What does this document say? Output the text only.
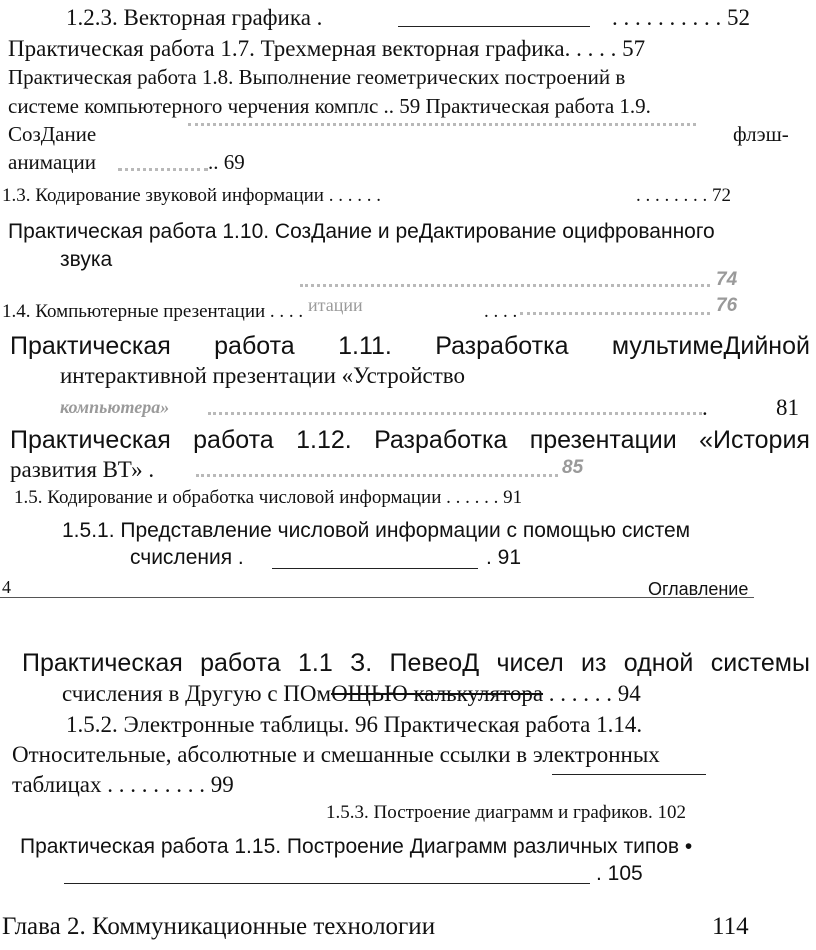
1.2.3. Векторная графика .	. . . . . . . . . . 52
Практическая работа 1.7. Трехмерная векторная графика. . . . . 57
Практическая работа 1.8. Выполнение геометрических построений в
системе компьютерного черчения комплс .. 59 Практическая работа 1.9.
СозДание	флэш-
анимации	.. 69
1.3. Кодирование звуковой информации . . . . . .	. . . . . . . . 72
Практическая работа 1.10. СозДание и реДактирование оцифрованного
звука
74
1.4. Компьютерные презентации . . . . итации	. . . .	76
Практическая работа 1.11. Разработка мультимеДийной
интерактивной презентации «Устройство
компьютера»	.	81
Практическая работа 1.12. Разработка презентации «История
развития ВТ» .	85
1.5. Кодирование и обработка числовой информации . . . . . . 91
1.5.1. Представление числовой информации с помощью систем
счисления .	. 91
4	Оглавление
Практическая работа 1.1 З. ПевеоД чисел из одной системы
счисления в Другую с ПОмОЩЬЮ калькулятора . . . . . . 94
1.5.2. Электронные таблицы. 96 Практическая работа 1.14.
Относительные, абсолютные и смешанные ссылки в электронных
таблицах . . . . . . . . . 99
1.5.3. Построение диаграмм и графиков. 102
Практическая работа 1.15. Построение Диаграмм различных типов •
. 105
Глава 2. Коммуникационные технологии	114
